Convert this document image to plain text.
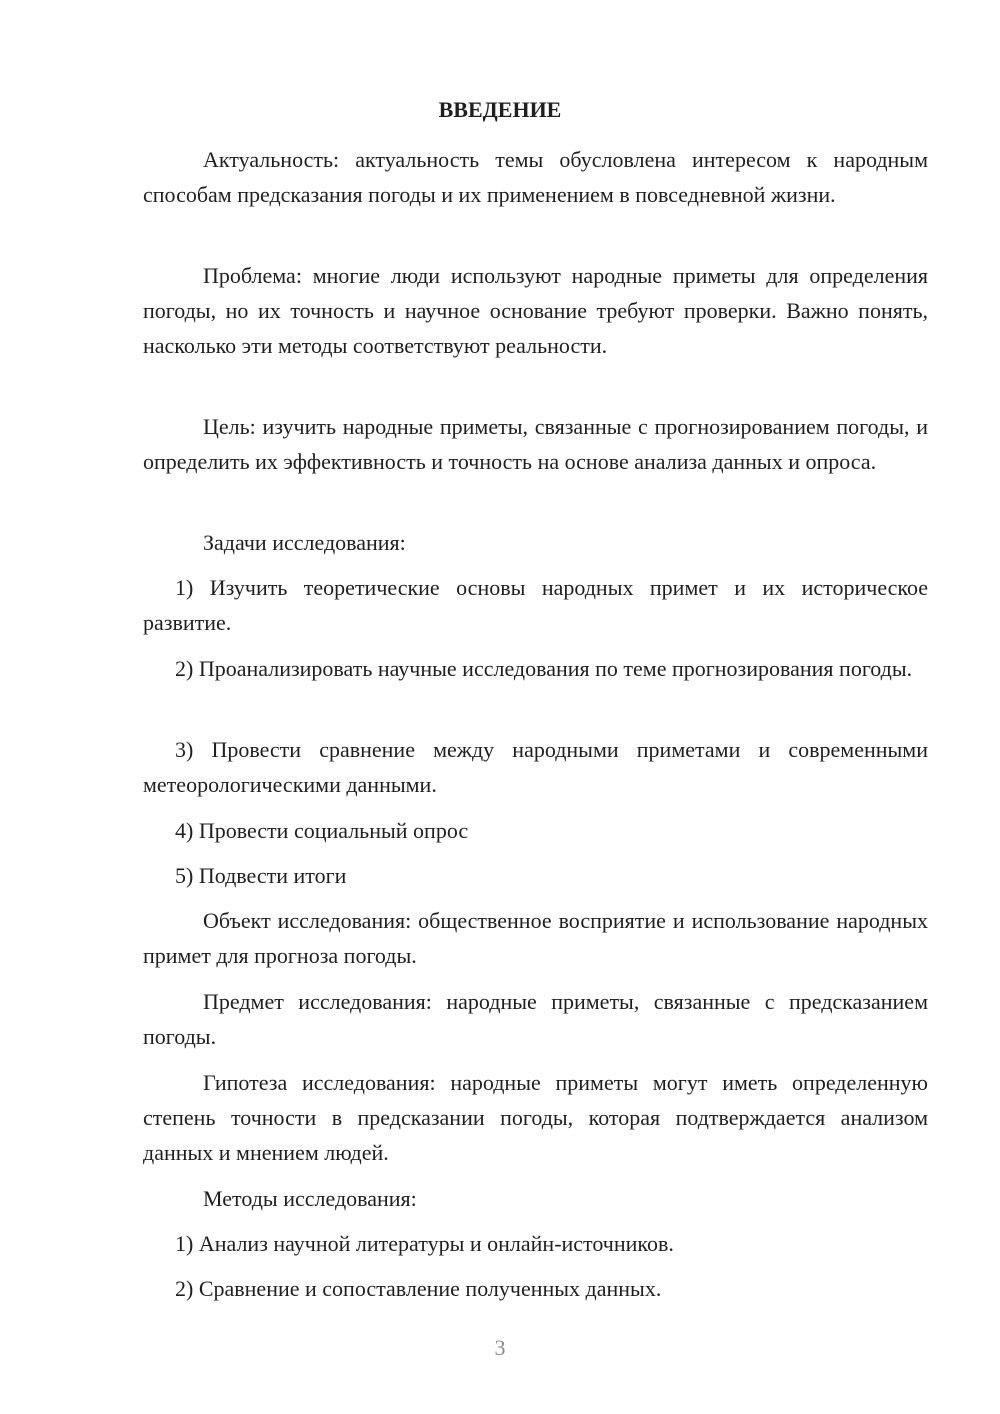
ВВЕДЕНИЕ

Актуальность: актуальность темы обусловлена интересом к народным способам предсказания погоды и их применением в повседневной жизни.

Проблема: многие люди используют народные приметы для определения погоды, но их точность и научное основание требуют проверки. Важно понять, насколько эти методы соответствуют реальности.

Цель: изучить народные приметы, связанные с прогнозированием погоды, и определить их эффективность и точность на основе анализа данных и опроса.

Задачи исследования:

1) Изучить теоретические основы народных примет и их историческое развитие.

2) Проанализировать научные исследования по теме прогнозирования погоды.

3) Провести сравнение между народными приметами и современными метеорологическими данными.

4) Провести социальный опрос

5) Подвести итоги

Объект исследования: общественное восприятие и использование народных примет для прогноза погоды.

Предмет исследования: народные приметы, связанные с предсказанием погоды.

Гипотеза исследования: народные приметы могут иметь определенную степень точности в предсказании погоды, которая подтверждается анализом данных и мнением людей.

Методы исследования:

1) Анализ научной литературы и онлайн-источников.

2) Сравнение и сопоставление полученных данных.

3
